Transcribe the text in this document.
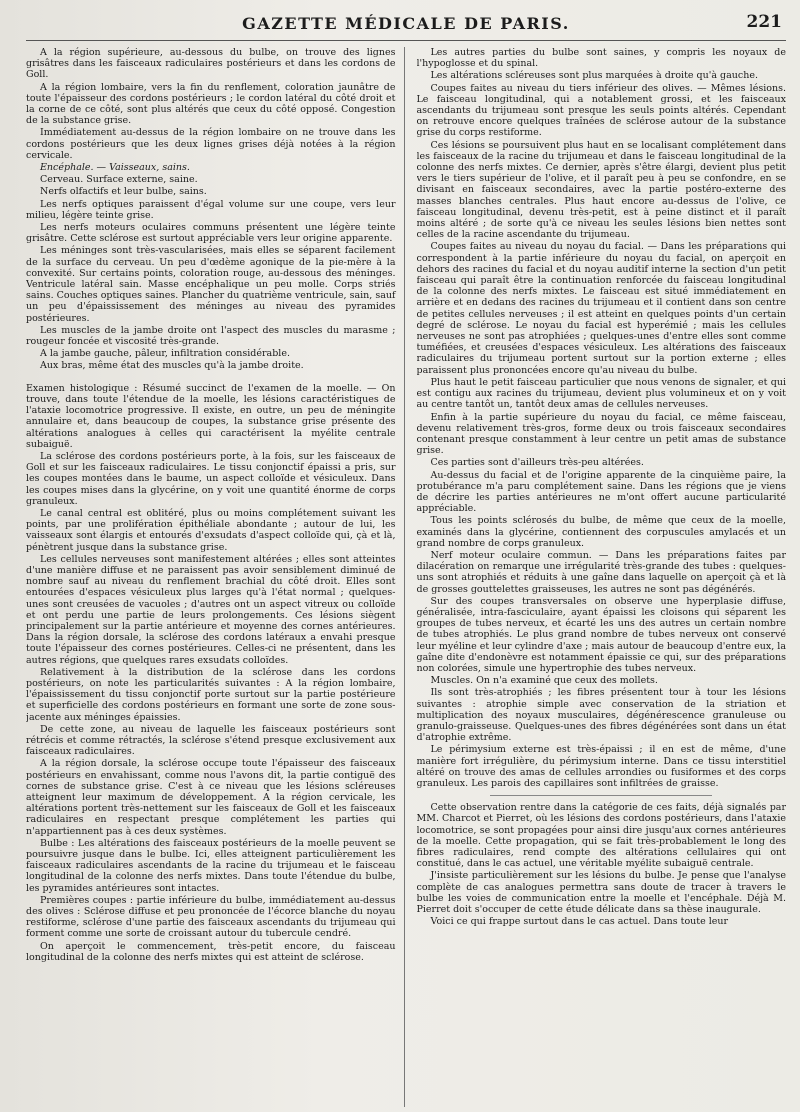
GAZETTE MÉDICALE DE PARIS.	221

A la région supérieure, au-dessous du bulbe, on trouve des lignes grisâtres dans les faisceaux radiculaires postérieurs et dans les cordons de Goll.

A la région lombaire, vers la fin du renflement, coloration jaunâtre de toute l'épaisseur des cordons postérieurs ; le cordon latéral du côté droit et la corne de ce côté, sont plus altérés que ceux du côté opposé. Congestion de la substance grise.

Immédiatement au-dessus de la région lombaire on ne trouve dans les cordons postérieurs que les deux lignes grises déjà notées à la région cervicale.

Encéphale. — Vaisseaux, sains.

Cerveau. Surface externe, saine.

Nerfs olfactifs et leur bulbe, sains.

Les nerfs optiques paraissent d'égal volume sur une coupe, vers leur milieu, légère teinte grise.

Les nerfs moteurs oculaires communs présentent une légère teinte grisâtre. Cette sclérose est surtout appréciable vers leur origine apparente.

Les méninges sont très-vascularisées, mais elles se séparent facilement de la surface du cerveau. Un peu d'œdème agonique de la pie-mère à la convexité. Sur certains points, coloration rouge, au-dessous des méninges. Ventricule latéral sain. Masse encéphalique un peu molle. Corps striés sains. Couches optiques saines. Plancher du quatrième ventricule, sain, sauf un peu d'épaississement des méninges au niveau des pyramides postérieures.

Les muscles de la jambe droite ont l'aspect des muscles du marasme ; rougeur foncée et viscosité très-grande.

A la jambe gauche, pâleur, infiltration considérable.

Aux bras, même état des muscles qu'à la jambe droite.

Examen histologique : Résumé succinct de l'examen de la moelle. — On trouve, dans toute l'étendue de la moelle, les lésions caractéristiques de l'ataxie locomotrice progressive. Il existe, en outre, un peu de méningite annulaire et, dans beaucoup de coupes, la substance grise présente des altérations analogues à celles qui caractérisent la myélite centrale subaiguë.

La sclérose des cordons postérieurs porte, à la fois, sur les faisceaux de Goll et sur les faisceaux radiculaires. Le tissu conjonctif épaissi a pris, sur les coupes montées dans le baume, un aspect colloïde et vésiculeux. Dans les coupes mises dans la glycérine, on y voit une quantité énorme de corps granuleux.

Le canal central est oblitéré, plus ou moins complétement suivant les points, par une prolifération épithéliale abondante ; autour de lui, les vaisseaux sont élargis et entourés d'exsudats d'aspect colloïde qui, çà et là, pénètrent jusque dans la substance grise.

Les cellules nerveuses sont manifestement altérées ; elles sont atteintes d'une manière diffuse et ne paraissent pas avoir sensiblement diminué de nombre sauf au niveau du renflement brachial du côté droit. Elles sont entourées d'espaces vésiculeux plus larges qu'à l'état normal ; quelques-unes sont creusées de vacuoles ; d'autres ont un aspect vitreux ou colloïde et ont perdu une partie de leurs prolongements. Ces lésions siègent principalement sur la partie antérieure et moyenne des cornes antérieures. Dans la région dorsale, la sclérose des cordons latéraux a envahi presque toute l'épaisseur des cornes postérieures. Celles-ci ne présentent, dans les autres régions, que quelques rares exsudats colloïdes.

Relativement à la distribution de la sclérose dans les cordons postérieurs, on note les particularités suivantes : A la région lombaire, l'épaississement du tissu conjonctif porte surtout sur la partie postérieure et superficielle des cordons postérieurs en formant une sorte de zone sous-jacente aux méninges épaissies.

De cette zone, au niveau de laquelle les faisceaux postérieurs sont rétrécis et comme rétractés, la sclérose s'étend presque exclusivement aux faisceaux radiculaires.

A la région dorsale, la sclérose occupe toute l'épaisseur des faisceaux postérieurs en envahissant, comme nous l'avons dit, la partie contiguë des cornes de substance grise. C'est à ce niveau que les lésions scléreuses atteignent leur maximum de développement. A la région cervicale, les altérations portent très-nettement sur les faisceaux de Goll et les faisceaux radiculaires en respectant presque complétement les parties qui n'appartiennent pas à ces deux systèmes.

Bulbe : Les altérations des faisceaux postérieurs de la moelle peuvent se poursuivre jusque dans le bulbe. Ici, elles atteignent particulièrement les faisceaux radiculaires ascendants de la racine du trijumeau et le faisceau longitudinal de la colonne des nerfs mixtes. Dans toute l'étendue du bulbe, les pyramides antérieures sont intactes.

Premières coupes : partie inférieure du bulbe, immédiatement au-dessus des olives : Sclérose diffuse et peu prononcée de l'écorce blanche du noyau restiforme, sclérose d'une partie des faisceaux ascendants du trijumeau qui forment comme une sorte de croissant autour du tubercule cendré.

On aperçoit le commencement, très-petit encore, du faisceau longitudinal de la colonne des nerfs mixtes qui est atteint de sclérose.

Les autres parties du bulbe sont saines, y compris les noyaux de l'hypoglosse et du spinal.

Les altérations scléreuses sont plus marquées à droite qu'à gauche.

Coupes faites au niveau du tiers inférieur des olives. — Mêmes lésions. Le faisceau longitudinal, qui a notablement grossi, et les faisceaux ascendants du trijumeau sont presque les seuls points altérés. Cependant on retrouve encore quelques traînées de sclérose autour de la substance grise du corps restiforme.

Ces lésions se poursuivent plus haut en se localisant complétement dans les faisceaux de la racine du trijumeau et dans le faisceau longitudinal de la colonne des nerfs mixtes. Ce dernier, après s'être élargi, devient plus petit vers le tiers supérieur de l'olive, et il paraît peu à peu se confondre, en se divisant en faisceaux secondaires, avec la partie postéro-externe des masses blanches centrales. Plus haut encore au-dessus de l'olive, ce faisceau longitudinal, devenu très-petit, est à peine distinct et il paraît moins altéré ; de sorte qu'à ce niveau les seules lésions bien nettes sont celles de la racine ascendante du trijumeau.

Coupes faites au niveau du noyau du facial. — Dans les préparations qui correspondent à la partie inférieure du noyau du facial, on aperçoit en dehors des racines du facial et du noyau auditif interne la section d'un petit faisceau qui paraît être la continuation renforcée du faisceau longitudinal de la colonne des nerfs mixtes. Le faisceau est situé immédiatement en arrière et en dedans des racines du trijumeau et il contient dans son centre de petites cellules nerveuses ; il est atteint en quelques points d'un certain degré de sclérose. Le noyau du facial est hyperémié ; mais les cellules nerveuses ne sont pas atrophiées ; quelques-unes d'entre elles sont comme tuméfiées, et creusées d'espaces vésiculeux. Les altérations des faisceaux radiculaires du trijumeau portent surtout sur la portion externe ; elles paraissent plus prononcées encore qu'au niveau du bulbe.

Plus haut le petit faisceau particulier que nous venons de signaler, et qui est contigu aux racines du trijumeau, devient plus volumineux et on y voit au centre tantôt un, tantôt deux amas de cellules nerveuses.

Enfin à la partie supérieure du noyau du facial, ce même faisceau, devenu relativement très-gros, forme deux ou trois faisceaux secondaires contenant presque constamment à leur centre un petit amas de substance grise.

Ces parties sont d'ailleurs très-peu altérées.

Au-dessus du facial et de l'origine apparente de la cinquième paire, la protubérance m'a paru complétement saine. Dans les régions que je viens de décrire les parties antérieures ne m'ont offert aucune particularité appréciable.

Tous les points sclérosés du bulbe, de même que ceux de la moelle, examinés dans la glycérine, contiennent des corpuscules amylacés et un grand nombre de corps granuleux.

Nerf moteur oculaire commun. — Dans les préparations faites par dilacération on remarque une irrégularité très-grande des tubes : quelques-uns sont atrophiés et réduits à une gaîne dans laquelle on aperçoit çà et là de grosses gouttelettes graisseuses, les autres ne sont pas dégénérés.

Sur des coupes transversales on observe une hyperplasie diffuse, généralisée, intra-fasciculaire, ayant épaissi les cloisons qui séparent les groupes de tubes nerveux, et écarté les uns des autres un certain nombre de tubes atrophiés. Le plus grand nombre de tubes nerveux ont conservé leur myéline et leur cylindre d'axe ; mais autour de beaucoup d'entre eux, la gaîne dite d'endonèvre est notamment épaissie ce qui, sur des préparations non colorées, simule une hypertrophie des tubes nerveux.

Muscles. On n'a examiné que ceux des mollets.

Ils sont très-atrophiés ; les fibres présentent tour à tour les lésions suivantes : atrophie simple avec conservation de la striation et multiplication des noyaux musculaires, dégénérescence granuleuse ou granulo-graisseuse. Quelques-unes des fibres dégénérées sont dans un état d'atrophie extrême.

Le périmysium externe est très-épaissi ; il en est de même, d'une manière fort irrégulière, du périmysium interne. Dans ce tissu interstitiel altéré on trouve des amas de cellules arrondies ou fusiformes et des corps granuleux. Les parois des capillaires sont infiltrées de graisse.

Cette observation rentre dans la catégorie de ces faits, déjà signalés par MM. Charcot et Pierret, où les lésions des cordons postérieurs, dans l'ataxie locomotrice, se sont propagées pour ainsi dire jusqu'aux cornes antérieures de la moelle. Cette propagation, qui se fait très-probablement le long des fibres radiculaires, rend compte des altérations cellulaires qui ont constitué, dans le cas actuel, une véritable myélite subaiguë centrale.

J'insiste particulièrement sur les lésions du bulbe. Je pense que l'analyse complète de cas analogues permettra sans doute de tracer à travers le bulbe les voies de communication entre la moelle et l'encéphale. Déjà M. Pierret doit s'occuper de cette étude délicate dans sa thèse inaugurale.

Voici ce qui frappe surtout dans le cas actuel. Dans toute leur
